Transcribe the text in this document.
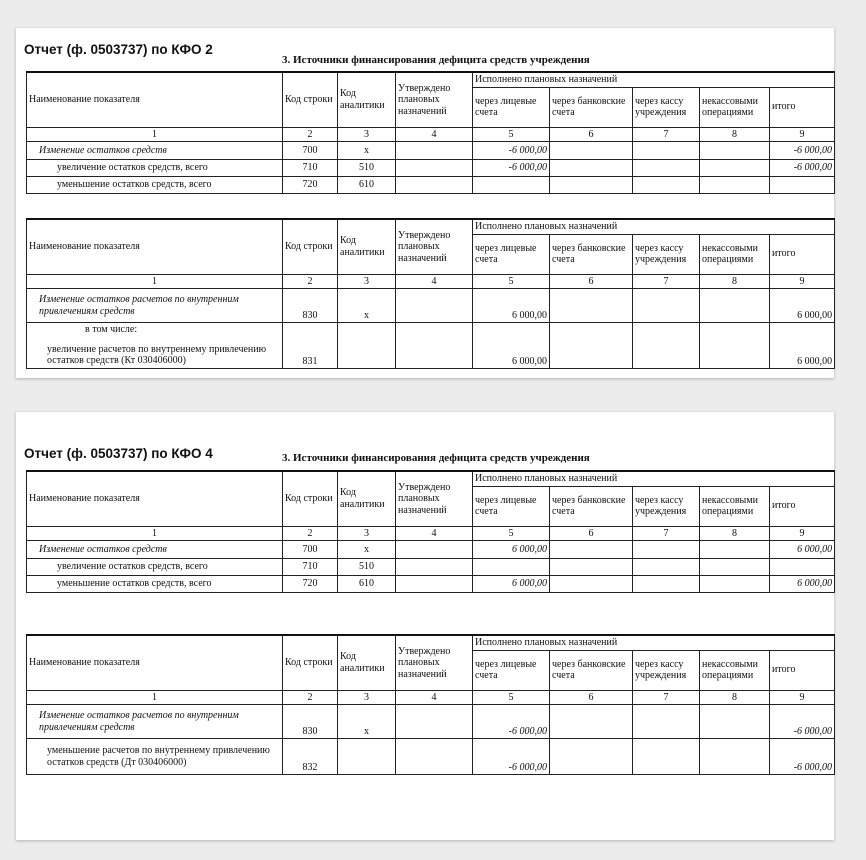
Отчет (ф. 0503737) по КФО 2
3. Источники финансирования дефицита средств учреждения
Наименование показателя	Код строки	Код аналитики	Утверждено плановых назначений	Исполнено плановых назначений				
				через лицевые счета	через банковские счета	через кассу учреждения	некассовыми операциями	итого
1	2	3	4	5	6	7	8	9
Изменение остатков средств	700	х		-6 000,00				-6 000,00
увеличение остатков средств, всего	710	510		-6 000,00				-6 000,00
уменьшение остатков средств, всего	720	610						
Наименование показателя	Код строки	Код аналитики	Утверждено плановых назначений	Исполнено плановых назначений				
				через лицевые счета	через банковские счета	через кассу учреждения	некассовыми операциями	итого
1	2	3	4	5	6	7	8	9
Изменение остатков расчетов по внутренним привлечениям средств	830	х		6 000,00				6 000,00

в том числе:
увеличение расчетов по внутреннему привлечению остатков средств (Кт 030406000)	831			6 000,00				6 000,00
Отчет (ф. 0503737) по КФО 4	3. Источники финансирования дефицита средств учреждения
Наименование показателя	Код строки	Код аналитики	Утверждено плановых назначений	Исполнено плановых назначений				
				через лицевые счета	через банковские счета	через кассу учреждения	некассовыми операциями	итого
1	2	3	4	5	6	7	8	9
Изменение остатков средств	700	х		6 000,00				6 000,00
увеличение остатков средств, всего	710	510						
уменьшение остатков средств, всего	720	610		6 000,00				6 000,00
Наименование показателя	Код строки	Код аналитики	Утверждено плановых назначений	Исполнено плановых назначений				
				через лицевые счета	через банковские счета	через кассу учреждения	некассовыми операциями	итого
1	2	3	4	5	6	7	8	9
Изменение остатков расчетов по внутренним привлечениям средств	830	х		-6 000,00				-6 000,00
уменьшение расчетов по внутреннему привлечению остатков средств (Дт 030406000)	832			-6 000,00				-6 000,00
